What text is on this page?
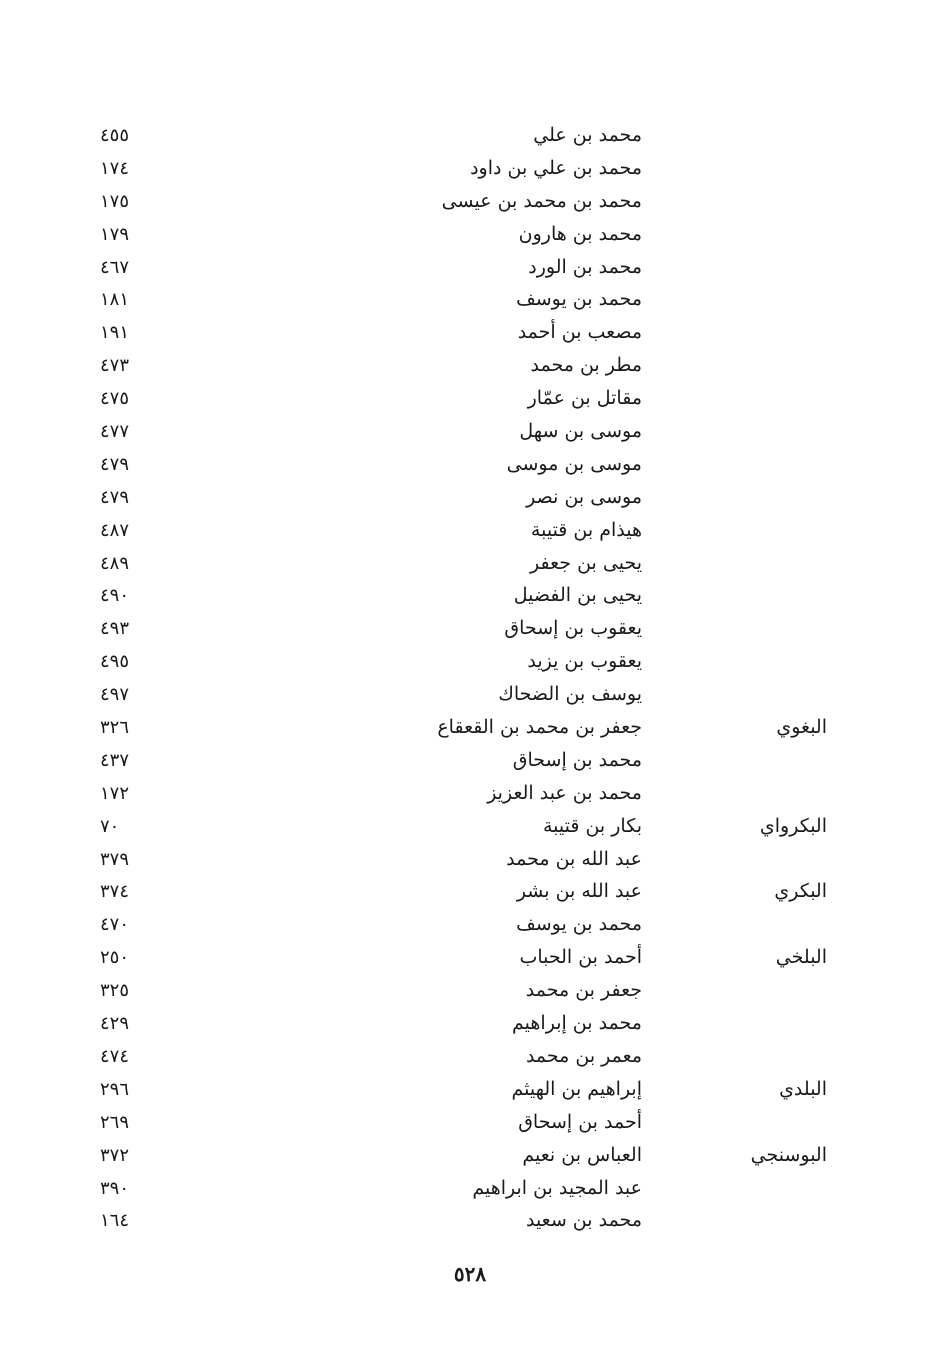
محمد بن علي
٤٥٥
محمد بن علي بن داود
١٧٤
محمد بن محمد بن عيسى
١٧٥
محمد بن هارون
١٧٩
محمد بن الورد
٤٦٧
محمد بن يوسف
١٨١
مصعب بن أحمد
١٩١
مطر بن محمد
٤٧٣
مقاتل بن عمّار
٤٧٥
موسى بن سهل
٤٧٧
موسى بن موسى
٤٧٩
موسى بن نصر
٤٧٩
هيذام بن قتيبة
٤٨٧
يحيى بن جعفر
٤٨٩
يحيى بن الفضيل
٤٩٠
يعقوب بن إسحاق
٤٩٣
يعقوب بن يزيد
٤٩٥
يوسف بن الضحاك
٤٩٧
البغوي
جعفر بن محمد بن القعقاع
٣٢٦
محمد بن إسحاق
٤٣٧
محمد بن عبد العزيز
١٧٢
البكرواي
بكار بن قتيبة
٧٠
عبد الله بن محمد
٣٧٩
البكري
عبد الله بن بشر
٣٧٤
محمد بن يوسف
٤٧٠
البلخي
أحمد بن الحباب
٢٥٠
جعفر بن محمد
٣٢٥
محمد بن إبراهيم
٤٢٩
معمر بن محمد
٤٧٤
البلدي
إبراهيم بن الهيثم
٢٩٦
أحمد بن إسحاق
٢٦٩
البوسنجي
العباس بن نعيم
٣٧٢
عبد المجيد بن ابراهيم
٣٩٠
محمد بن سعيد
١٦٤
٥٢٨
